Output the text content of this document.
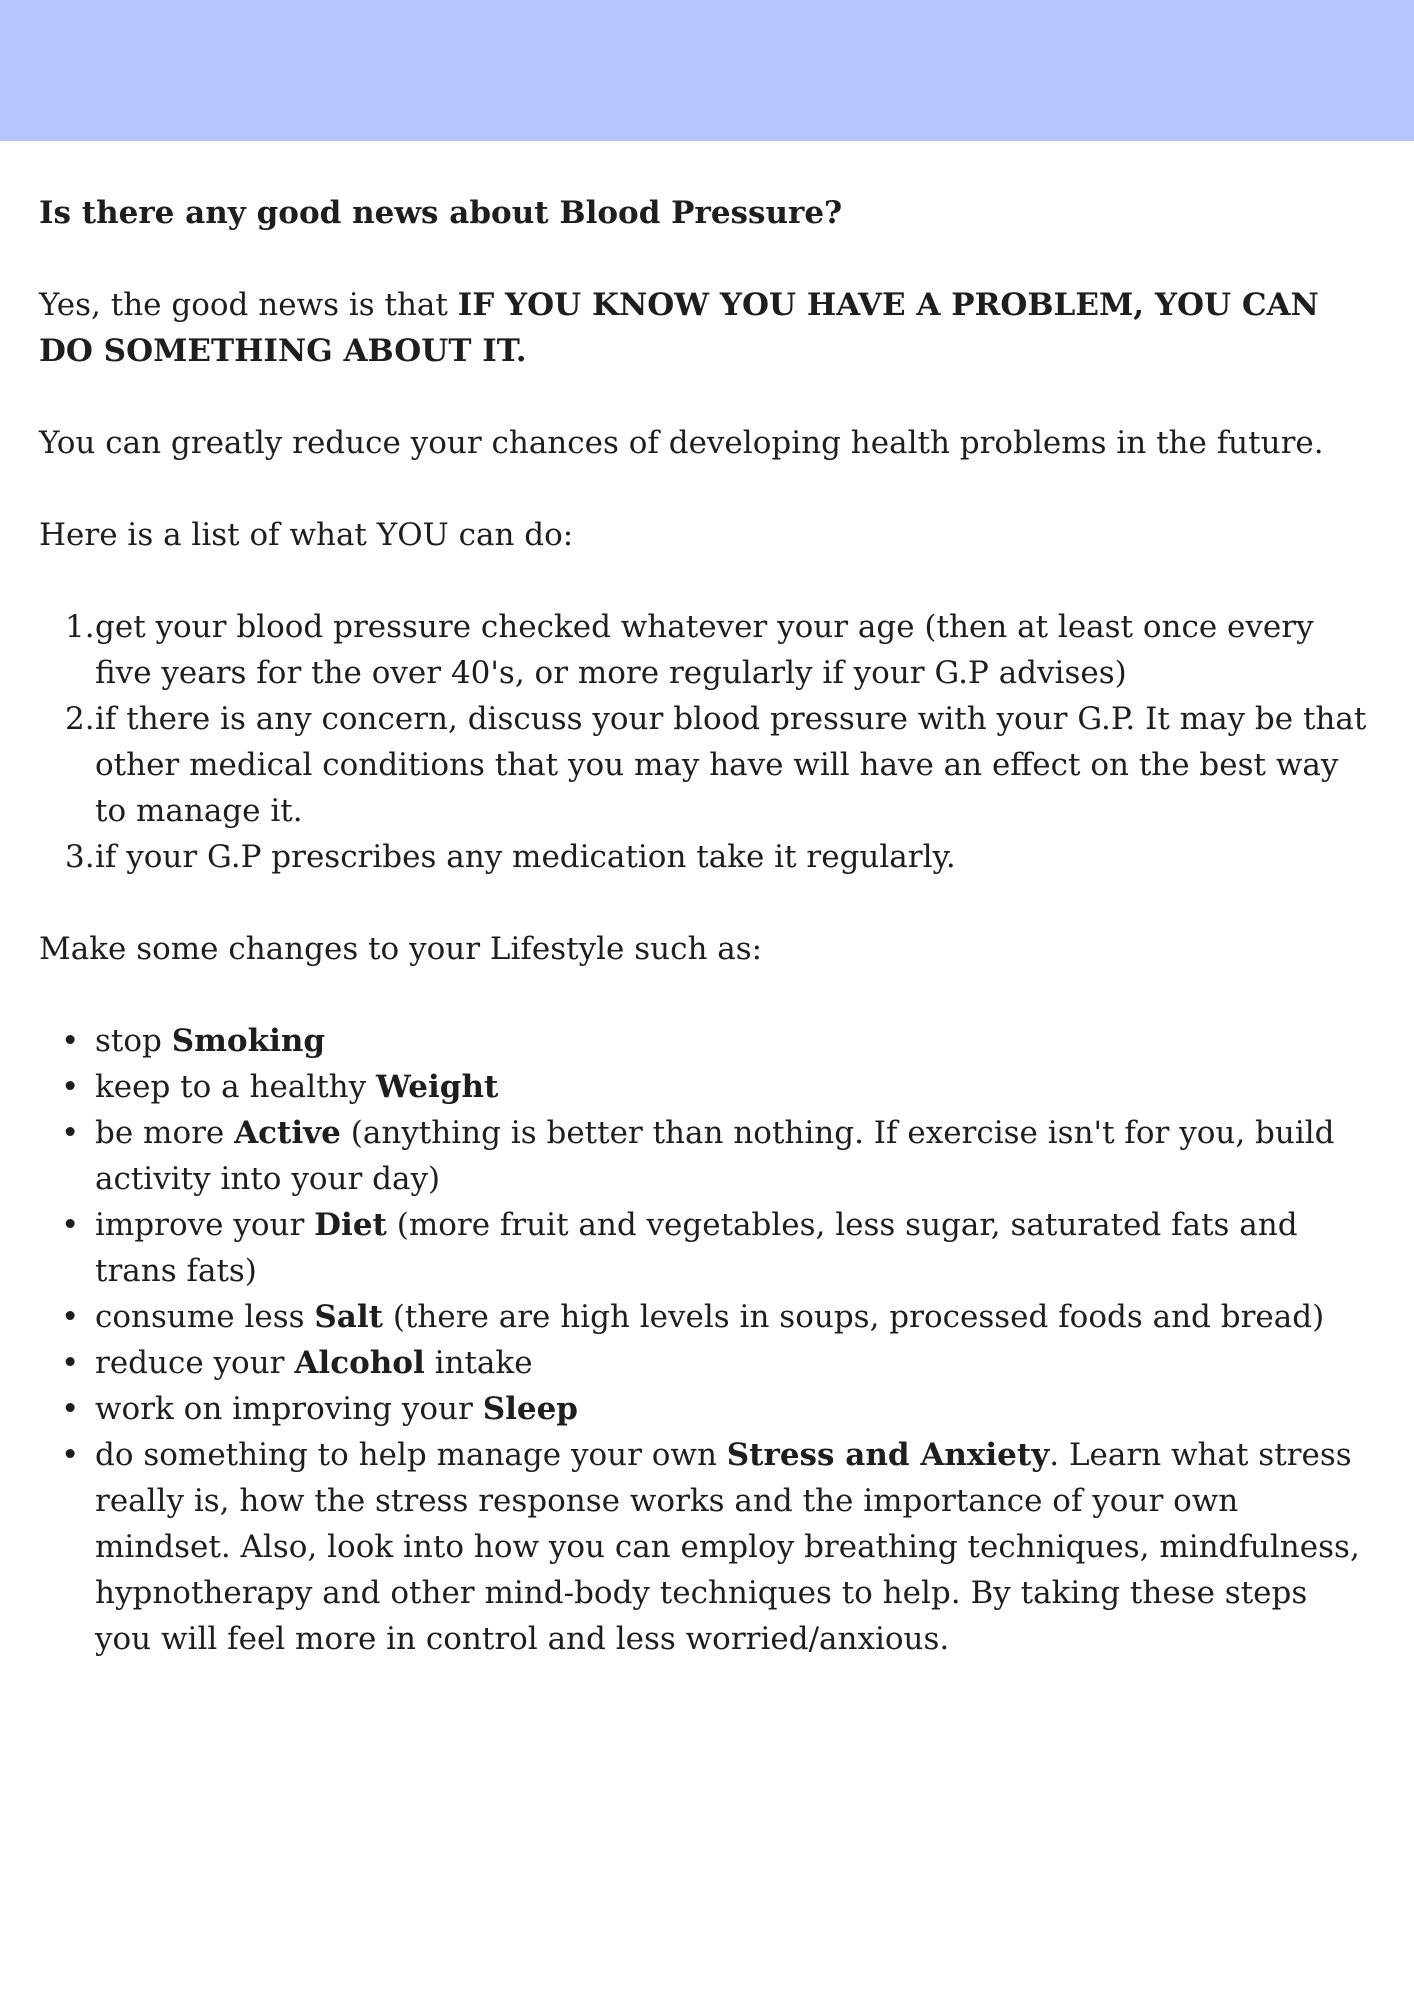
Is there any good news about Blood Pressure?

Yes, the good news is that IF YOU KNOW YOU HAVE A PROBLEM, YOU CAN DO SOMETHING ABOUT IT.

You can greatly reduce your chances of developing health problems in the future.

Here is a list of what YOU can do:

1. get your blood pressure checked whatever your age (then at least once every five years for the over 40's, or more regularly if your G.P advises)
2. if there is any concern, discuss your blood pressure with your G.P. It may be that other medical conditions that you may have will have an effect on the best way to manage it.
3. if your G.P prescribes any medication take it regularly.

Make some changes to your Lifestyle such as:

• stop Smoking
• keep to a healthy Weight
• be more Active (anything is better than nothing. If exercise isn't for you, build activity into your day)
• improve your Diet (more fruit and vegetables, less sugar, saturated fats and trans fats)
• consume less Salt (there are high levels in soups, processed foods and bread)
• reduce your Alcohol intake
• work on improving your Sleep
• do something to help manage your own Stress and Anxiety. Learn what stress really is, how the stress response works and the importance of your own mindset. Also, look into how you can employ breathing techniques, mindfulness, hypnotherapy and other mind-body techniques to help. By taking these steps you will feel more in control and less worried/anxious.
